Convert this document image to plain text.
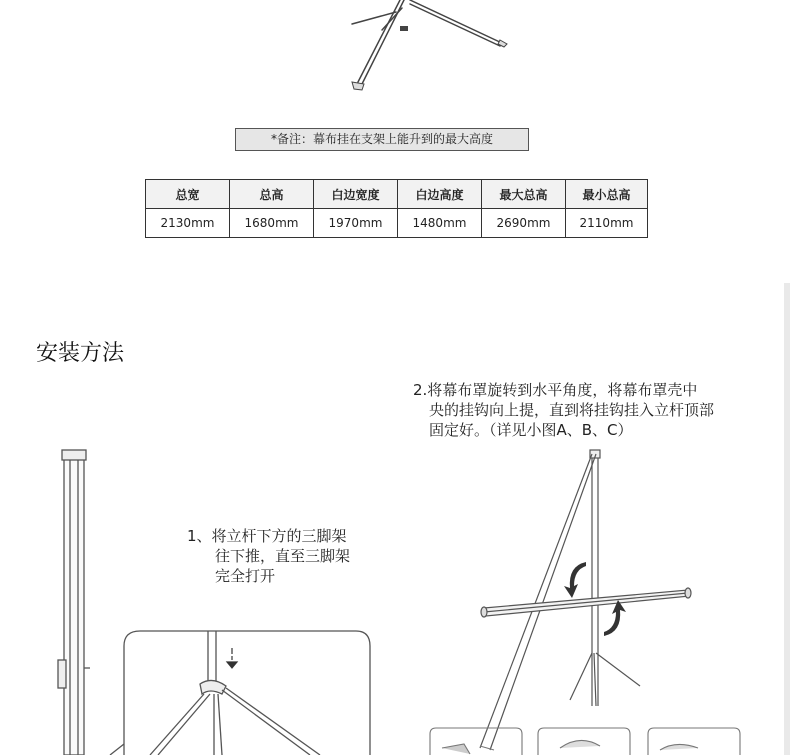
*备注：幕布挂在支架上能升到的最大高度
总宽	总高	白边宽度	白边高度	最大总高	最小总高
2130mm	1680mm	1970mm	1480mm	2690mm	2110mm
安装方法
1、将立杆下方的三脚架
往下推，直至三脚架
完全打开
2.将幕布罩旋转到水平角度，将幕布罩壳中
央的挂钩向上提，直到将挂钩挂入立杆顶部
固定好。（详见小图A、B、C）
